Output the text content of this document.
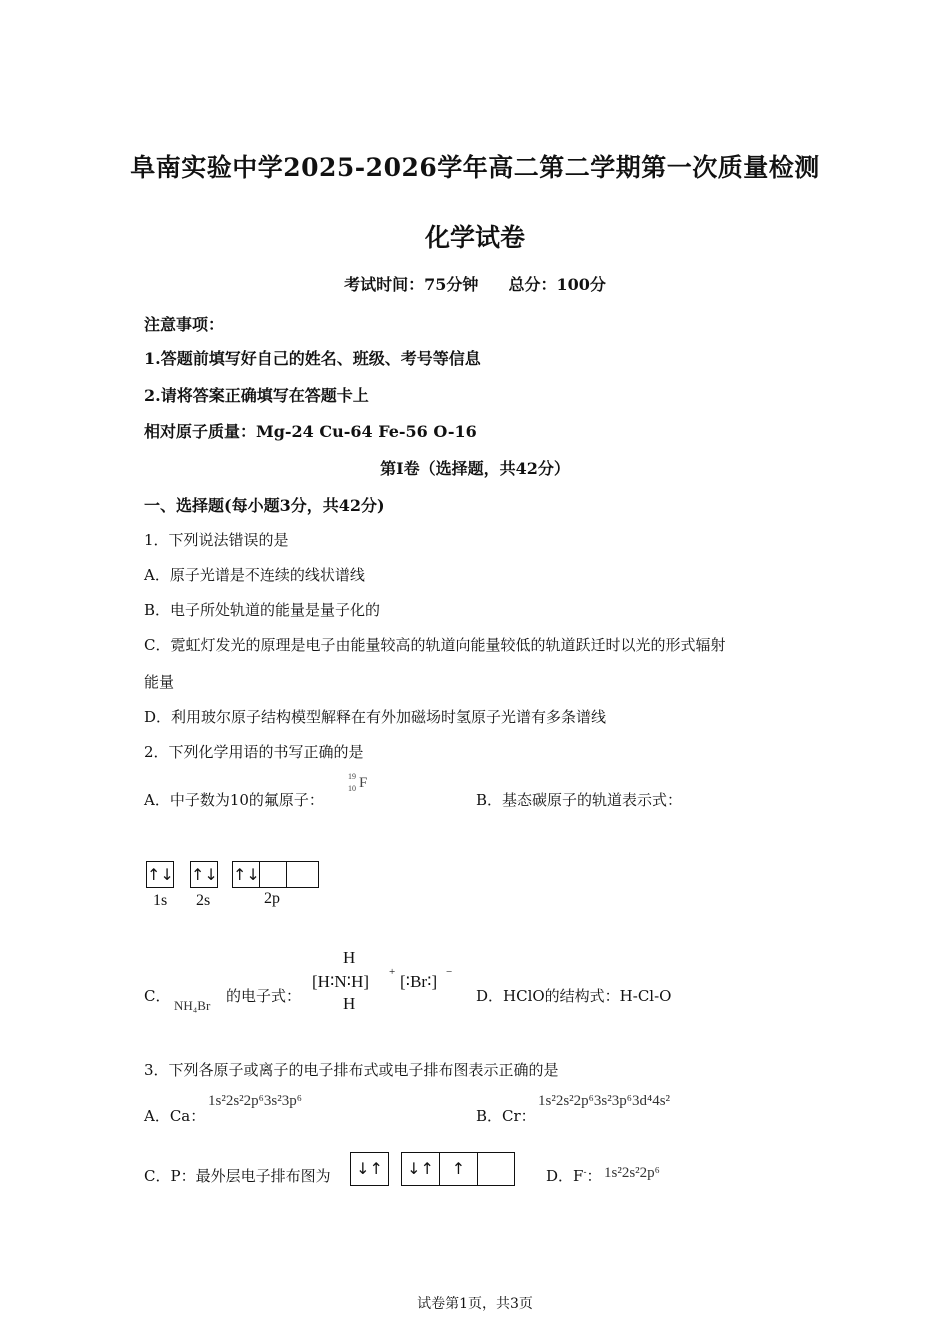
阜南实验中学2025-2026学年高二第二学期第一次质量检测
化学试卷
考试时间：75分钟 总分：100分
注意事项：
1.答题前填写好自己的姓名、班级、考号等信息
2.请将答案正确填写在答题卡上
相对原子质量：Mg-24 Cu-64 Fe-56 O-16
第Ⅰ卷（选择题，共42分）
一、选择题(每小题3分，共42分)
1．下列说法错误的是
A．原子光谱是不连续的线状谱线
B．电子所处轨道的能量是量子化的
C．霓虹灯发光的原理是电子由能量较高的轨道向能量较低的轨道跃迁时以光的形式辐射
能量
D．利用玻尔原子结构模型解释在有外加磁场时氢原子光谱有多条谱线
2．下列化学用语的书写正确的是
A．中子数为10的氟原子：
19
10 F
B．基态碳原子的轨道表示式：
↑↓ ↑↓ ↑↓
1s 2s	2p
C．
NH₄Br
的电子式：
H
[H∶N∶H] + [∶Br∶] −
H	D．HClO的结构式：H-Cl-O
3．下列各原子或离子的电子排布式或电子排布图表示正确的是
A．Ca：
1s²2s²2p⁶3s²3p⁶
B．Cr：
1s²2s²2p⁶3s²3p⁶3d⁴4s²
C．P：最外层电子排布图为	↓↑	↓↑	↑	D．F-： 1s²2s²2p⁶
试卷第1页，共3页
